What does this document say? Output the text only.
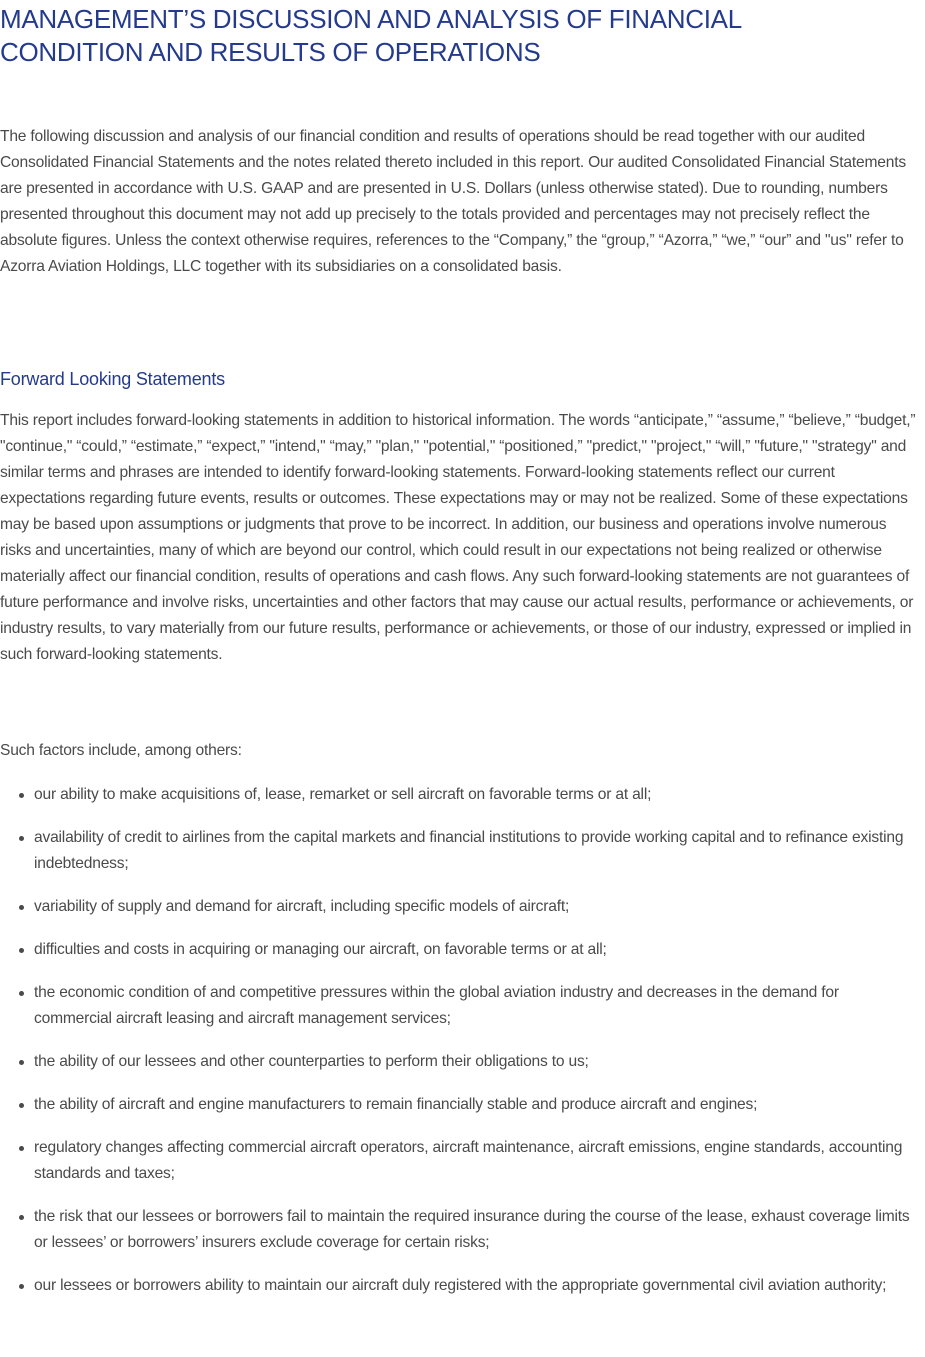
MANAGEMENT’S DISCUSSION AND ANALYSIS OF FINANCIAL CONDITION AND RESULTS OF OPERATIONS

The following discussion and analysis of our financial condition and results of operations should be read together with our audited Consolidated Financial Statements and the notes related thereto included in this report. Our audited Consolidated Financial Statements are presented in accordance with U.S. GAAP and are presented in U.S. Dollars (unless otherwise stated). Due to rounding, numbers presented throughout this document may not add up precisely to the totals provided and percentages may not precisely reflect the absolute figures. Unless the context otherwise requires, references to the “Company,” the “group,” “Azorra,” “we,” “our” and "us" refer to Azorra Aviation Holdings, LLC together with its subsidiaries on a consolidated basis.

Forward Looking Statements

This report includes forward-looking statements in addition to historical information. The words “anticipate,” “assume,” “believe,” “budget,” "continue," “could,” “estimate,” “expect,” "intend," “may,” "plan," "potential," “positioned,” "predict," "project," “will,” "future," "strategy" and similar terms and phrases are intended to identify forward-looking statements. Forward-looking statements reflect our current expectations regarding future events, results or outcomes. These expectations may or may not be realized. Some of these expectations may be based upon assumptions or judgments that prove to be incorrect. In addition, our business and operations involve numerous risks and uncertainties, many of which are beyond our control, which could result in our expectations not being realized or otherwise materially affect our financial condition, results of operations and cash flows. Any such forward-looking statements are not guarantees of future performance and involve risks, uncertainties and other factors that may cause our actual results, performance or achievements, or industry results, to vary materially from our future results, performance or achievements, or those of our industry, expressed or implied in such forward-looking statements.

Such factors include, among others:

our ability to make acquisitions of, lease, remarket or sell aircraft on favorable terms or at all;
availability of credit to airlines from the capital markets and financial institutions to provide working capital and to refinance existing indebtedness;
variability of supply and demand for aircraft, including specific models of aircraft;
difficulties and costs in acquiring or managing our aircraft, on favorable terms or at all;
the economic condition of and competitive pressures within the global aviation industry and decreases in the demand for commercial aircraft leasing and aircraft management services;
the ability of our lessees and other counterparties to perform their obligations to us;
the ability of aircraft and engine manufacturers to remain financially stable and produce aircraft and engines;
regulatory changes affecting commercial aircraft operators, aircraft maintenance, aircraft emissions, engine standards, accounting standards and taxes;
the risk that our lessees or borrowers fail to maintain the required insurance during the course of the lease, exhaust coverage limits or lessees’ or borrowers’ insurers exclude coverage for certain risks;
our lessees or borrowers ability to maintain our aircraft duly registered with the appropriate governmental civil aviation authority;
